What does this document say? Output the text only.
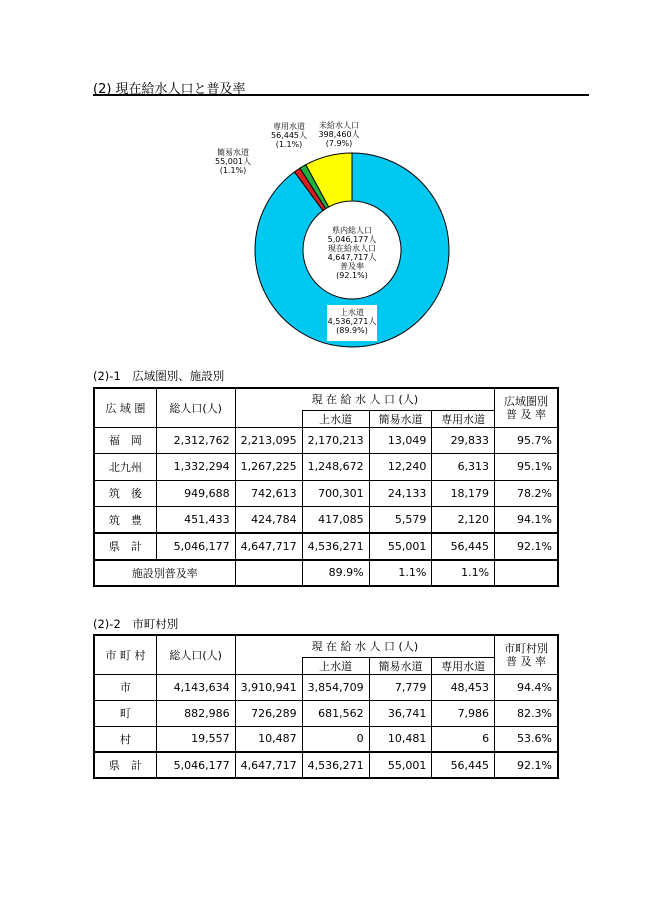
(2) 現在給水人口と普及率
未給水人口
398,460人
(7.9%)
専用水道
56,445人
(1.1%)
簡易水道
55,001人
(1.1%)
県内総人口
5,046,177人
現在給水人口
4,647,717人
普及率
(92.1%)
上水道
4,536,271人
(89.9%)
(2)-1　広域圏別、施設別
広 域 圏	総人口(人)	現 在 給 水 人 口 (人)				広域圏別
普 及 率
			上水道	簡易水道	専用水道	
福　岡	2,312,762	2,213,095	2,170,213	13,049	29,833	95.7%
北九州	1,332,294	1,267,225	1,248,672	12,240	6,313	95.1%
筑　後	949,688	742,613	700,301	24,133	18,179	78.2%
筑　豊	451,433	424,784	417,085	5,579	2,120	94.1%
県　計	5,046,177	4,647,717	4,536,271	55,001	56,445	92.1%
施設別普及率			89.9%	1.1%	1.1%	
(2)-2　市町村別
市 町 村	総人口(人)	現 在 給 水 人 口 (人)				市町村別
普 及 率
			上水道	簡易水道	専用水道	
市	4,143,634	3,910,941	3,854,709	7,779	48,453	94.4%
町	882,986	726,289	681,562	36,741	7,986	82.3%
村	19,557	10,487	0	10,481	6	53.6%
県　計	5,046,177	4,647,717	4,536,271	55,001	56,445	92.1%
